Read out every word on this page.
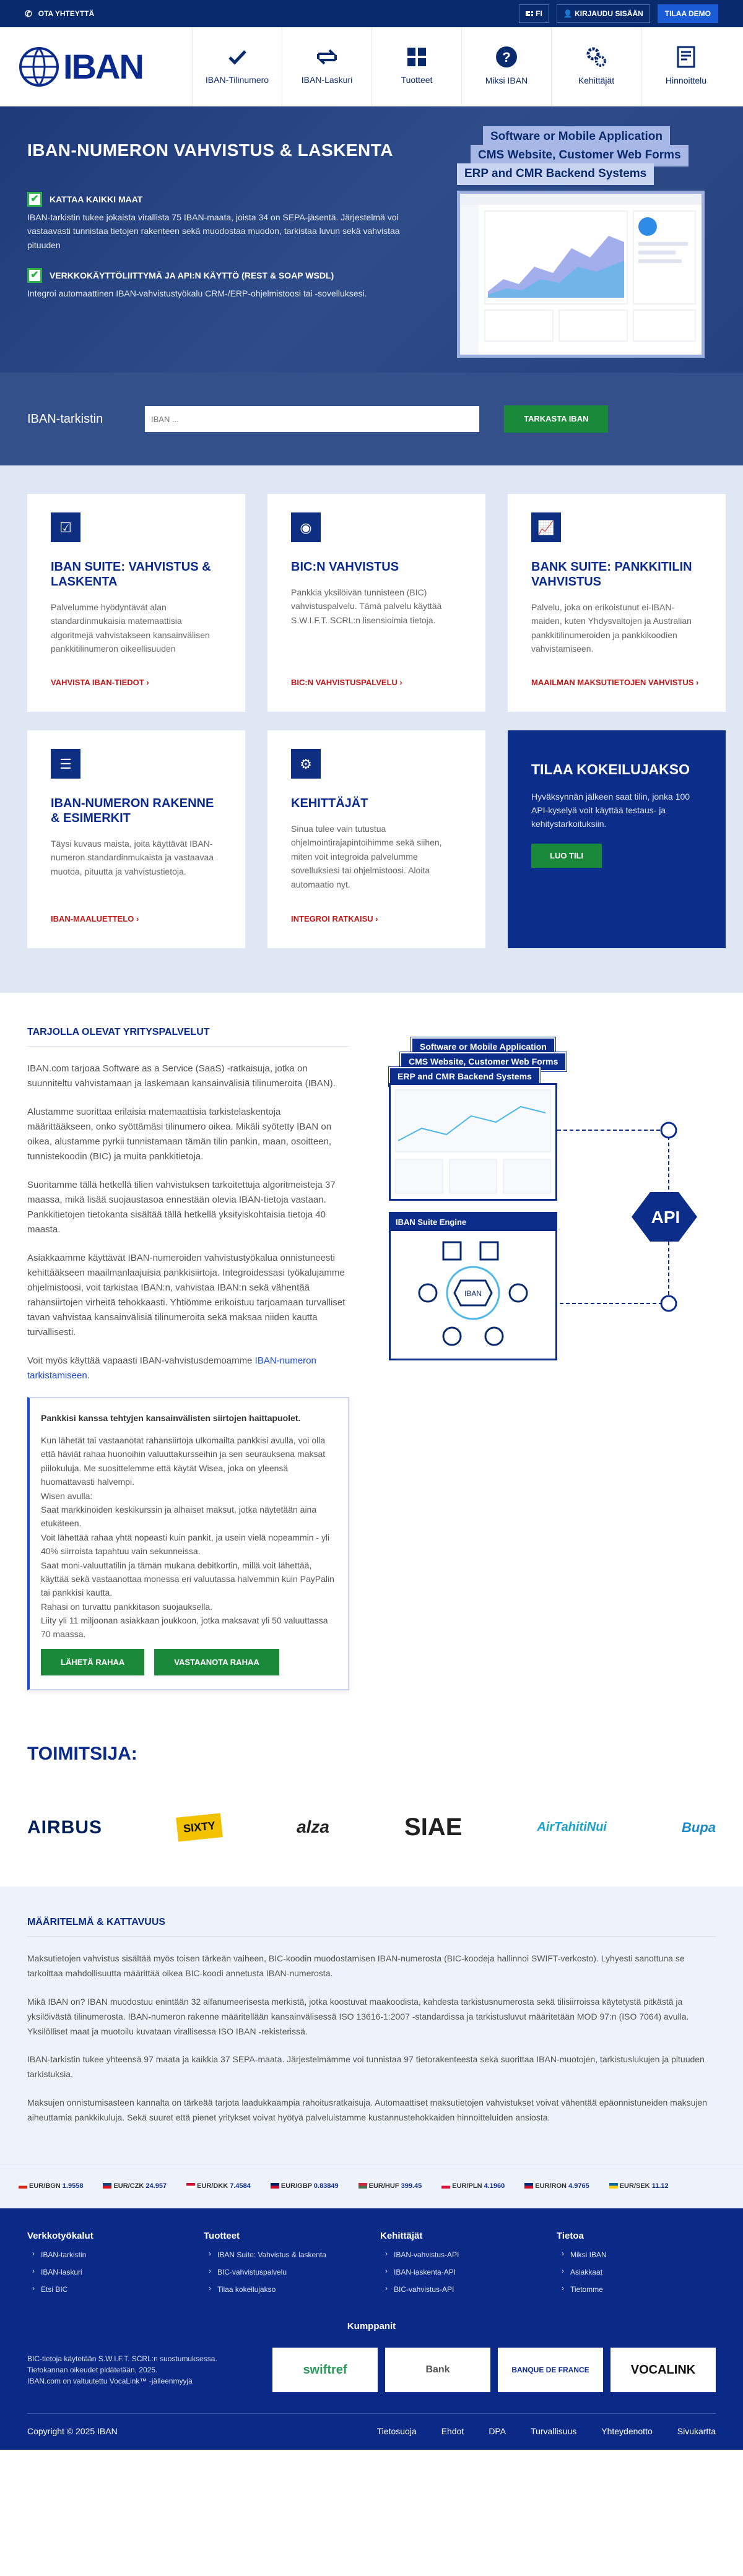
✆ OTA YHTEYTTÄ	FI	👤 KIRJAUDU SISÄÄN	TILAA DEMO
IBAN	IBAN-Tilinumero	IBAN-Laskuri	Tuotteet
?
Miksi IBAN	Kehittäjät	Hinnoittelu
IBAN-NUMERON VAHVISTUS & LASKENTA
✔	KATTAA KAIKKI MAAT

IBAN-tarkistin tukee jokaista virallista 75 IBAN-maata, joista 34 on SEPA-jäsentä. Järjestelmä voi vastaavasti tunnistaa tietojen rakenteen sekä muodostaa muodon, tarkistaa luvun sekä vahvistaa pituuden

✔	VERKKOKÄYTTÖLIITTYMÄ JA API:N KÄYTTÖ (REST & SOAP WSDL)

Integroi automaattinen IBAN-vahvistustyökalu CRM-/ERP-ohjelmistoosi tai -sovelluksesi.

Software or Mobile Application
CMS Website, Customer Web Forms
ERP and CMR Backend Systems
IBAN-tarkistin
IBAN ...	TARKASTA IBAN
☑
IBAN SUITE: VAHVISTUS & LASKENTA

Palvelumme hyödyntävät alan standardinmukaisia matemaattisia algoritmejä vahvistakseen kansainvälisen pankkitilinumeron oikeellisuuden

VAHVISTA IBAN-TIEDOT ›
◉
BIC:N VAHVISTUS

Pankkia yksilöivän tunnisteen (BIC) vahvistuspalvelu. Tämä palvelu käyttää S.W.I.F.T. SCRL:n lisensioimia tietoja.

BIC:N VAHVISTUSPALVELU ›
📈
BANK SUITE: PANKKITILIN VAHVISTUS

Palvelu, joka on erikoistunut ei-IBAN-maiden, kuten Yhdysvaltojen ja Australian pankkitilinumeroiden ja pankkikoodien vahvistamiseen.

MAAILMAN MAKSUTIETOJEN VAHVISTUS ›
☰
IBAN-NUMERON RAKENNE & ESIMERKIT

Täysi kuvaus maista, joita käyttävät IBAN-numeron standardinmukaista ja vastaavaa muotoa, pituutta ja vahvistustietoja.

IBAN-MAALUETTELO ›
⚙
KEHITTÄJÄT

Sinua tulee vain tutustua ohjelmointirajapintoihimme sekä siihen, miten voit integroida palvelumme sovelluksiesi tai ohjelmistoosi. Aloita automaatio nyt.

INTEGROI RATKAISU ›
TILAA KOKEILUJAKSO

Hyväksynnän jälkeen saat tilin, jonka 100 API-kyselyä voit käyttää testaus- ja kehitystarkoituksiin.

LUO TILI
TARJOLLA OLEVAT YRITYSPALVELUT

IBAN.com tarjoaa Software as a Service (SaaS) -ratkaisuja, jotka on suunniteltu vahvistamaan ja laskemaan kansainvälisiä tilinumeroita (IBAN).

Alustamme suorittaa erilaisia matemaattisia tarkistelaskentoja määrittääkseen, onko syöttämäsi tilinumero oikea. Mikäli syötetty IBAN on oikea, alustamme pyrkii tunnistamaan tämän tilin pankin, maan, osoitteen, tunnistekoodin (BIC) ja muita pankkitietoja.

Suoritamme tällä hetkellä tilien vahvistuksen tarkoitettuja algoritmeisteja 37 maassa, mikä lisää suojaustasoa ennestään olevia IBAN-tietoja vastaan. Pankkitietojen tietokanta sisältää tällä hetkellä yksityiskohtaisia tietoja 40 maasta.

Asiakkaamme käyttävät IBAN-numeroiden vahvistustyökalua onnistuneesti kehittääkseen maailmanlaajuisia pankkisiirtoja. Integroidessasi työkalujamme ohjelmistoosi, voit tarkistaa IBAN:n, vahvistaa IBAN:n sekä vähentää rahansiirtojen virheitä tehokkaasti. Yhtiömme erikoistuu tarjoamaan turvalliset tavan vahvistaa kansainvälisiä tilinumeroita sekä maksaa niiden kautta turvallisesti.

Voit myös käyttää vapaasti IBAN-vahvistusdemoamme IBAN-numeron tarkistamiseen.

Pankkisi kanssa tehtyjen kansainvälisten siirtojen haittapuolet.
Kun lähetät tai vastaanotat rahansiirtoja ulkomailta pankkisi avulla, voi olla että häviät rahaa huonoihin valuuttakursseihin ja sen seurauksena maksat piilokuluja. Me suosittelemme että käytät Wisea, joka on yleensä huomattavasti halvempi.
Wisen avulla:
Saat markkinoiden keskikurssin ja alhaiset maksut, jotka näytetään aina etukäteen.
Voit lähettää rahaa yhtä nopeasti kuin pankit, ja usein vielä nopeammin - yli 40% siirroista tapahtuu vain sekunneissa.
Saat moni-valuuttatilin ja tämän mukana debitkortin, millä voit lähettää, käyttää sekä vastaanottaa monessa eri valuutassa halvemmin kuin PayPalin tai pankkisi kautta.
Rahasi on turvattu pankkitason suojauksella.
Liity yli 11 miljoonan asiakkaan joukkoon, jotka maksavat yli 50 valuuttassa 70 maassa.
LÄHETÄ RAHAA	VASTAANOTA RAHAA
Software or Mobile Application
CMS Website, Customer Web Forms
ERP and CMR Backend Systems
IBAN Suite Engine
IBAN
API
TOIMITSIJA:
AIRBUS	SIXTY	alza	SIAE	AirTahitiNui	Bupa
MÄÄRITELMÄ & KATTAVUUS

Maksutietojen vahvistus sisältää myös toisen tärkeän vaiheen, BIC-koodin muodostamisen IBAN-numerosta (BIC-koodeja hallinnoi SWIFT-verkosto). Lyhyesti sanottuna se tarkoittaa mahdollisuutta määrittää oikea BIC-koodi annetusta IBAN-numerosta.

Mikä IBAN on? IBAN muodostuu enintään 32 alfanumeerisesta merkistä, jotka koostuvat maakoodista, kahdesta tarkistusnumerosta sekä tilisiirroissa käytetystä pitkästä ja yksilöivästä tilinumerosta. IBAN-numeron rakenne määritellään kansainvälisessä ISO 13616-1:2007 -standardissa ja tarkistusluvut määritetään MOD 97:n (ISO 7064) avulla. Yksilölliset maat ja muotoilu kuvataan virallisessa ISO IBAN -rekisterissä.

IBAN-tarkistin tukee yhteensä 97 maata ja kaikkia 37 SEPA-maata. Järjestelmämme voi tunnistaa 97 tietorakenteesta sekä suorittaa IBAN-muotojen, tarkistuslukujen ja pituuden tarkistuksia.

Maksujen onnistumisasteen kannalta on tärkeää tarjota laadukkaampia rahoitusratkaisuja. Automaattiset maksutietojen vahvistukset voivat vähentää epäonnistuneiden maksujen aiheuttamia pankkikuluja. Sekä suuret että pienet yritykset voivat hyötyä palveluistamme kustannustehokkaiden hinnoitteluiden ansiosta.

EUR/BGN 1.9558	EUR/CZK 24.957	EUR/DKK 7.4584	EUR/GBP 0.83849	EUR/HUF 399.45	EUR/PLN 4.1960	EUR/RON 4.9765	EUR/SEK 11.12
Verkkotyökalut
› IBAN-tarkistin
› IBAN-laskuri
› Etsi BIC
Tuotteet
› IBAN Suite: Vahvistus & laskenta
› BIC-vahvistuspalvelu
› Tilaa kokeilujakso
Kehittäjät
› IBAN-vahvistus-API
› IBAN-laskenta-API
› BIC-vahvistus-API
Tietoa
› Miksi IBAN
› Asiakkaat
› Tietomme
Kumppanit
BIC-tietoja käytetään S.W.I.F.T. SCRL:n suostumuksessa. Tietokannan oikeudet pidätetään, 2025.
IBAN.com on valtuutettu VocaLink™ -jälleenmyyjä
swiftref	Bank	BANQUE DE FRANCE	VOCALINK
Copyright © 2025 IBAN	Tietosuoja	Ehdot	DPA	Turvallisuus	Yhteydenotto	Sivukartta
